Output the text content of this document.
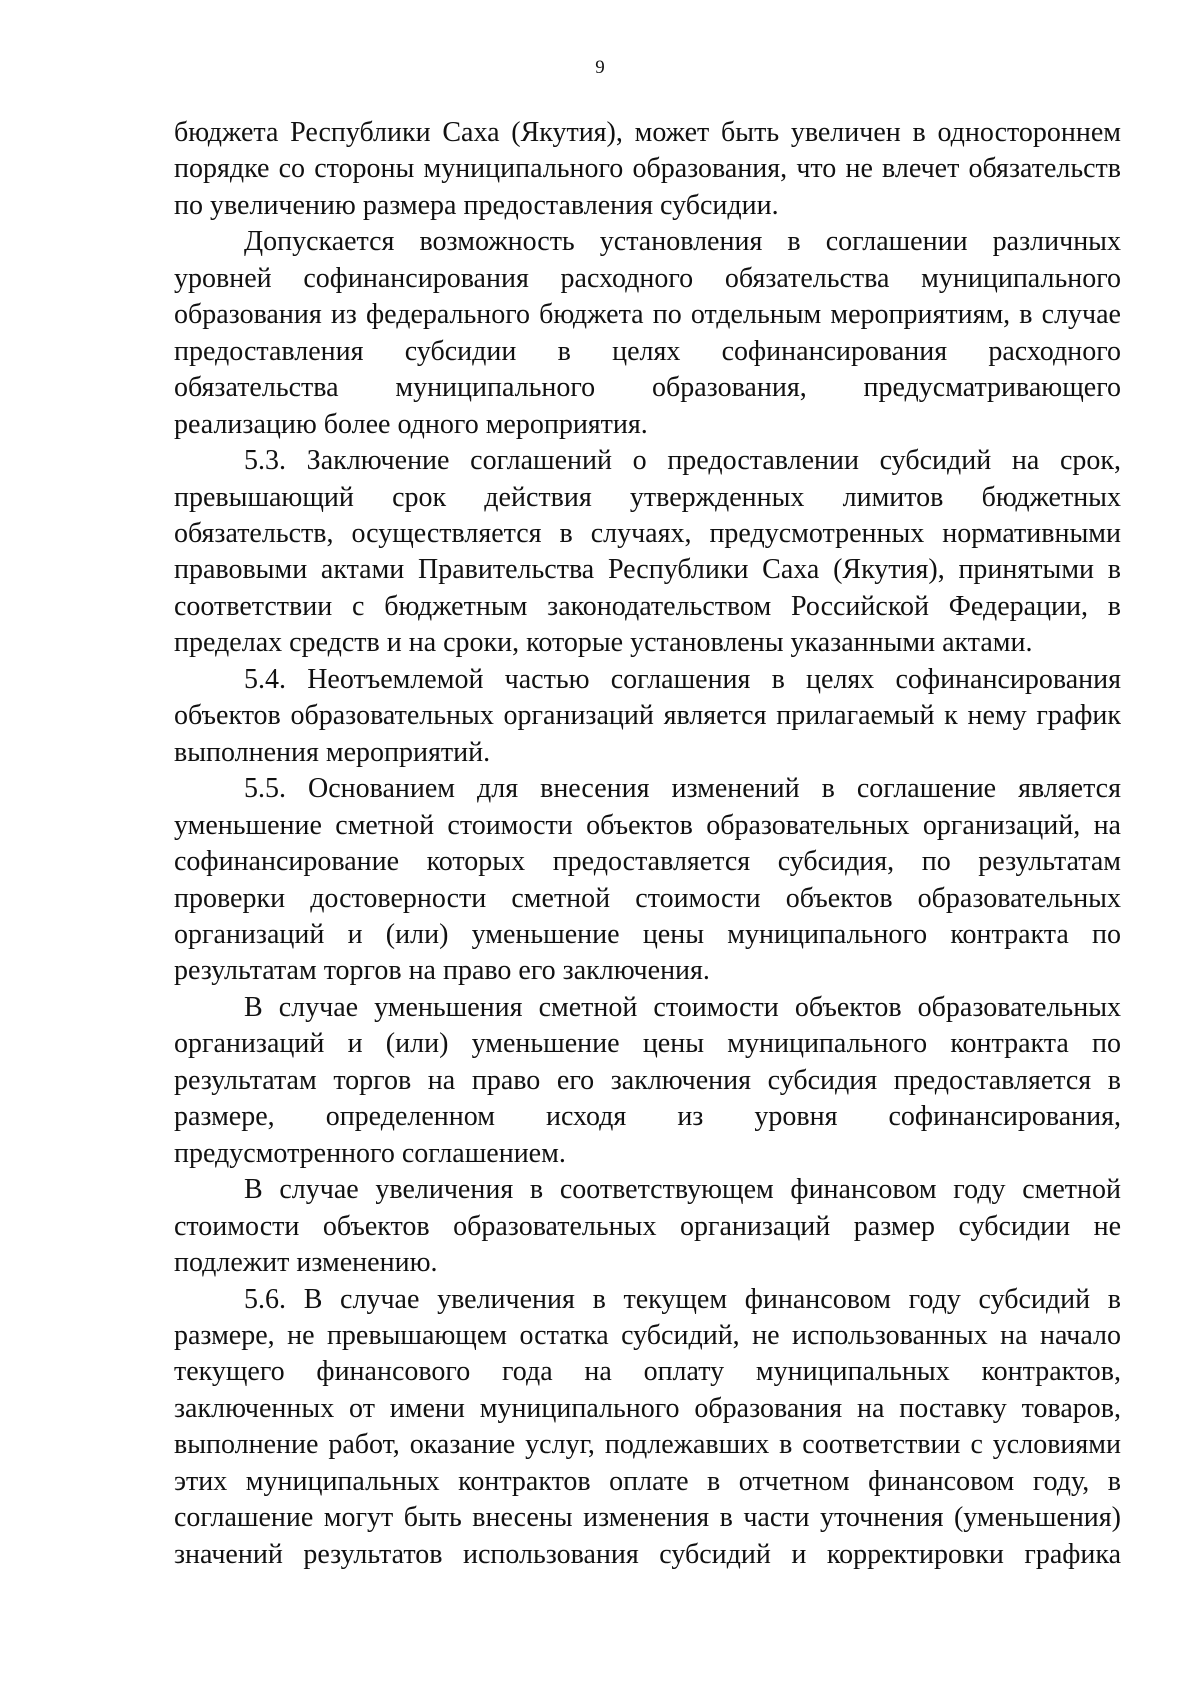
9

бюджета Республики Саха (Якутия), может быть увеличен в одностороннем порядке со стороны муниципального образования, что не влечет обязательств по увеличению размера предоставления субсидии.

Допускается возможность установления в соглашении различных уровней софинансирования расходного обязательства муниципального образования из федерального бюджета по отдельным мероприятиям, в случае предоставления субсидии в целях софинансирования расходного обязательства муниципального образования, предусматривающего реализацию более одного мероприятия.

5.3. Заключение соглашений о предоставлении субсидий на срок, превышающий срок действия утвержденных лимитов бюджетных обязательств, осуществляется в случаях, предусмотренных нормативными правовыми актами Правительства Республики Саха (Якутия), принятыми в соответствии с бюджетным законодательством Российской Федерации, в пределах средств и на сроки, которые установлены указанными актами.

5.4. Неотъемлемой частью соглашения в целях софинансирования объектов образовательных организаций является прилагаемый к нему график выполнения мероприятий.

5.5. Основанием для внесения изменений в соглашение является уменьшение сметной стоимости объектов образовательных организаций, на софинансирование которых предоставляется субсидия, по результатам проверки достоверности сметной стоимости объектов образовательных организаций и (или) уменьшение цены муниципального контракта по результатам торгов на право его заключения.

В случае уменьшения сметной стоимости объектов образовательных организаций и (или) уменьшение цены муниципального контракта по результатам торгов на право его заключения субсидия предоставляется в размере, определенном исходя из уровня софинансирования, предусмотренного соглашением.

В случае увеличения в соответствующем финансовом году сметной стоимости объектов образовательных организаций размер субсидии не подлежит изменению.

5.6. В случае увеличения в текущем финансовом году субсидий в размере, не превышающем остатка субсидий, не использованных на начало текущего финансового года на оплату муниципальных контрактов, заключенных от имени муниципального образования на поставку товаров, выполнение работ, оказание услуг, подлежавших в соответствии с условиями этих муниципальных контрактов оплате в отчетном финансовом году, в соглашение могут быть внесены изменения в части уточнения (уменьшения) значений результатов использования субсидий и корректировки графика
